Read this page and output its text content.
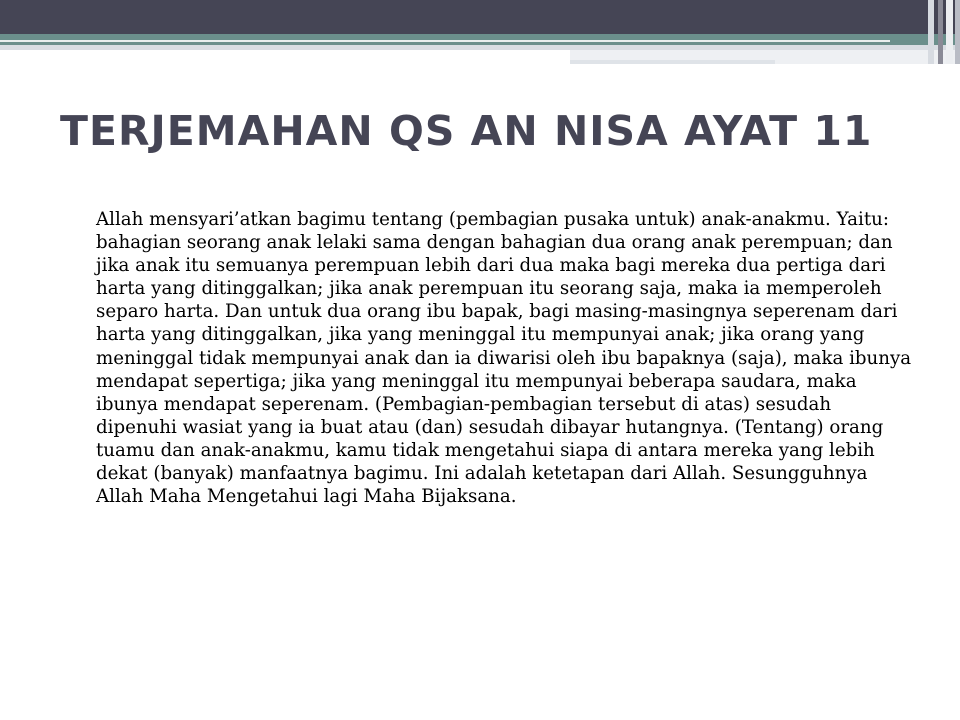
TERJEMAHAN QS AN NISA AYAT 11

Allah mensyari’atkan bagimu tentang (pembagian pusaka untuk) anak-anakmu. Yaitu: bahagian seorang anak lelaki sama dengan bahagian dua orang anak perempuan; dan jika anak itu semuanya perempuan lebih dari dua maka bagi mereka dua pertiga dari harta yang ditinggalkan; jika anak perempuan itu seorang saja, maka ia memperoleh separo harta. Dan untuk dua orang ibu bapak, bagi masing-masingnya seperenam dari harta yang ditinggalkan, jika yang meninggal itu mempunyai anak; jika orang yang meninggal tidak mempunyai anak dan ia diwarisi oleh ibu bapaknya (saja), maka ibunya mendapat sepertiga; jika yang meninggal itu mempunyai beberapa saudara, maka ibunya mendapat seperenam. (Pembagian-pembagian tersebut di atas) sesudah dipenuhi wasiat yang ia buat atau (dan) sesudah dibayar hutangnya. (Tentang) orang tuamu dan anak-anakmu, kamu tidak mengetahui siapa di antara mereka yang lebih dekat (banyak) manfaatnya bagimu. Ini adalah ketetapan dari Allah. Sesungguhnya Allah Maha Mengetahui lagi Maha Bijaksana.
